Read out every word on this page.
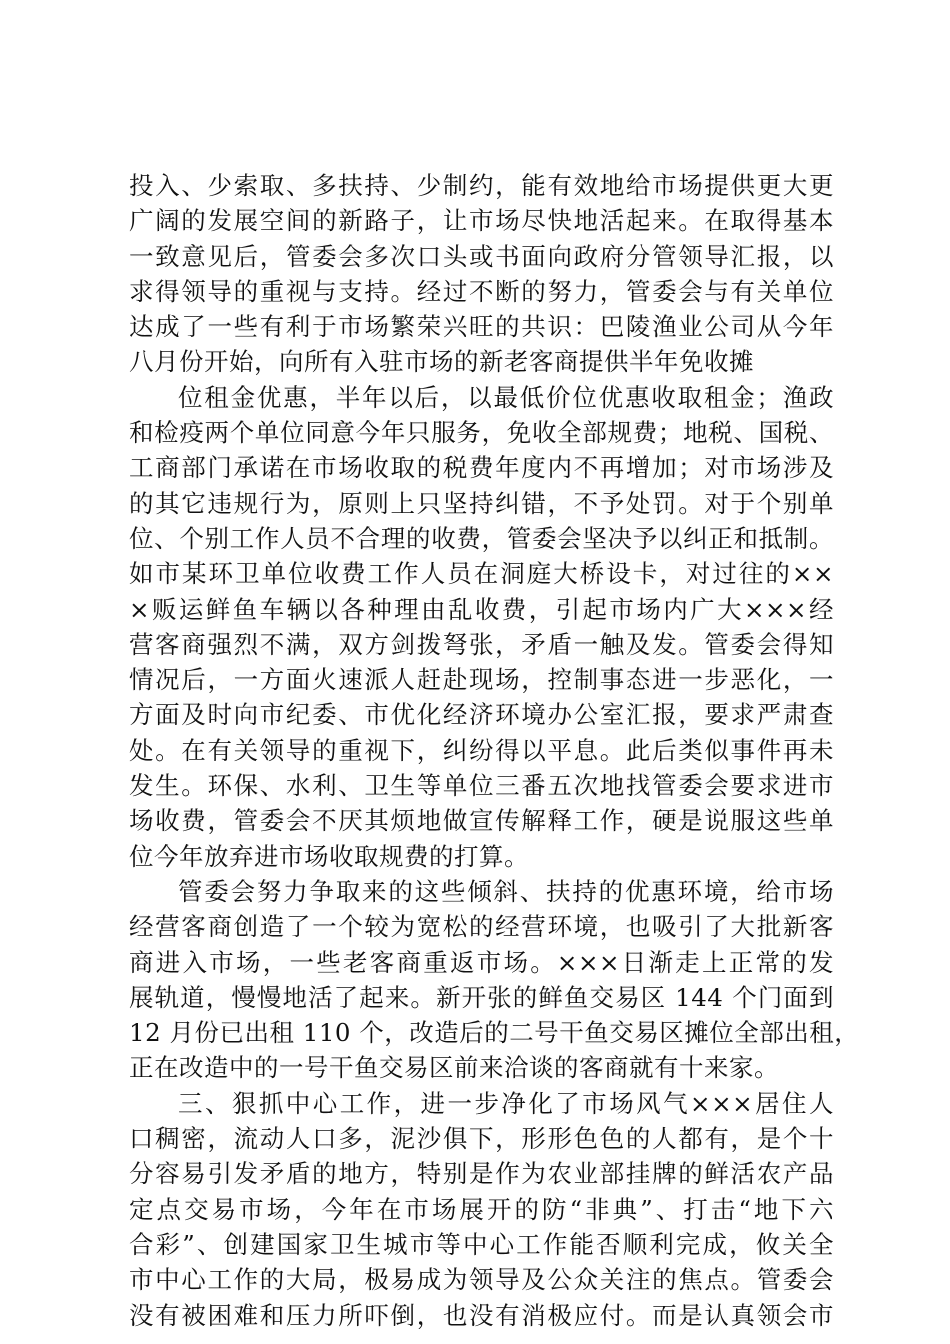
投入、少索取、多扶持、少制约，能有效地给市场提供更大更
广阔的发展空间的新路子，让市场尽快地活起来。在取得基本
一致意见后，管委会多次口头或书面向政府分管领导汇报，以
求得领导的重视与支持。经过不断的努力，管委会与有关单位
达成了一些有利于市场繁荣兴旺的共识：巴陵渔业公司从今年
八月份开始，向所有入驻市场的新老客商提供半年免收摊
位租金优惠，半年以后，以最低价位优惠收取租金；渔政
和检疫两个单位同意今年只服务，免收全部规费；地税、国税、
工商部门承诺在市场收取的税费年度内不再增加；对市场涉及
的其它违规行为，原则上只坚持纠错，不予处罚。对于个别单
位、个别工作人员不合理的收费，管委会坚决予以纠正和抵制。
如市某环卫单位收费工作人员在洞庭大桥设卡，对过往的××
×贩运鲜鱼车辆以各种理由乱收费，引起市场内广大×××经
营客商强烈不满，双方剑拨弩张，矛盾一触及发。管委会得知
情况后，一方面火速派人赶赴现场，控制事态进一步恶化，一
方面及时向市纪委、市优化经济环境办公室汇报，要求严肃查
处。在有关领导的重视下，纠纷得以平息。此后类似事件再未
发生。环保、水利、卫生等单位三番五次地找管委会要求进市
场收费，管委会不厌其烦地做宣传解释工作，硬是说服这些单
位今年放弃进市场收取规费的打算。
管委会努力争取来的这些倾斜、扶持的优惠环境，给市场
经营客商创造了一个较为宽松的经营环境，也吸引了大批新客
商进入市场，一些老客商重返市场。×××日渐走上正常的发
展轨道，慢慢地活了起来。新开张的鲜鱼交易区 144 个门面到
12 月份已出租 110 个，改造后的二号干鱼交易区摊位全部出租，
正在改造中的一号干鱼交易区前来洽谈的客商就有十来家。
三、狠抓中心工作，进一步净化了市场风气×××居住人
口稠密，流动人口多，泥沙俱下，形形色色的人都有，是个十
分容易引发矛盾的地方，特别是作为农业部挂牌的鲜活农产品
定点交易市场，今年在市场展开的防“非典”、打击“地下六
合彩”、创建国家卫生城市等中心工作能否顺利完成，攸关全
市中心工作的大局，极易成为领导及公众关注的焦点。管委会
没有被困难和压力所吓倒，也没有消极应付。而是认真领会市
